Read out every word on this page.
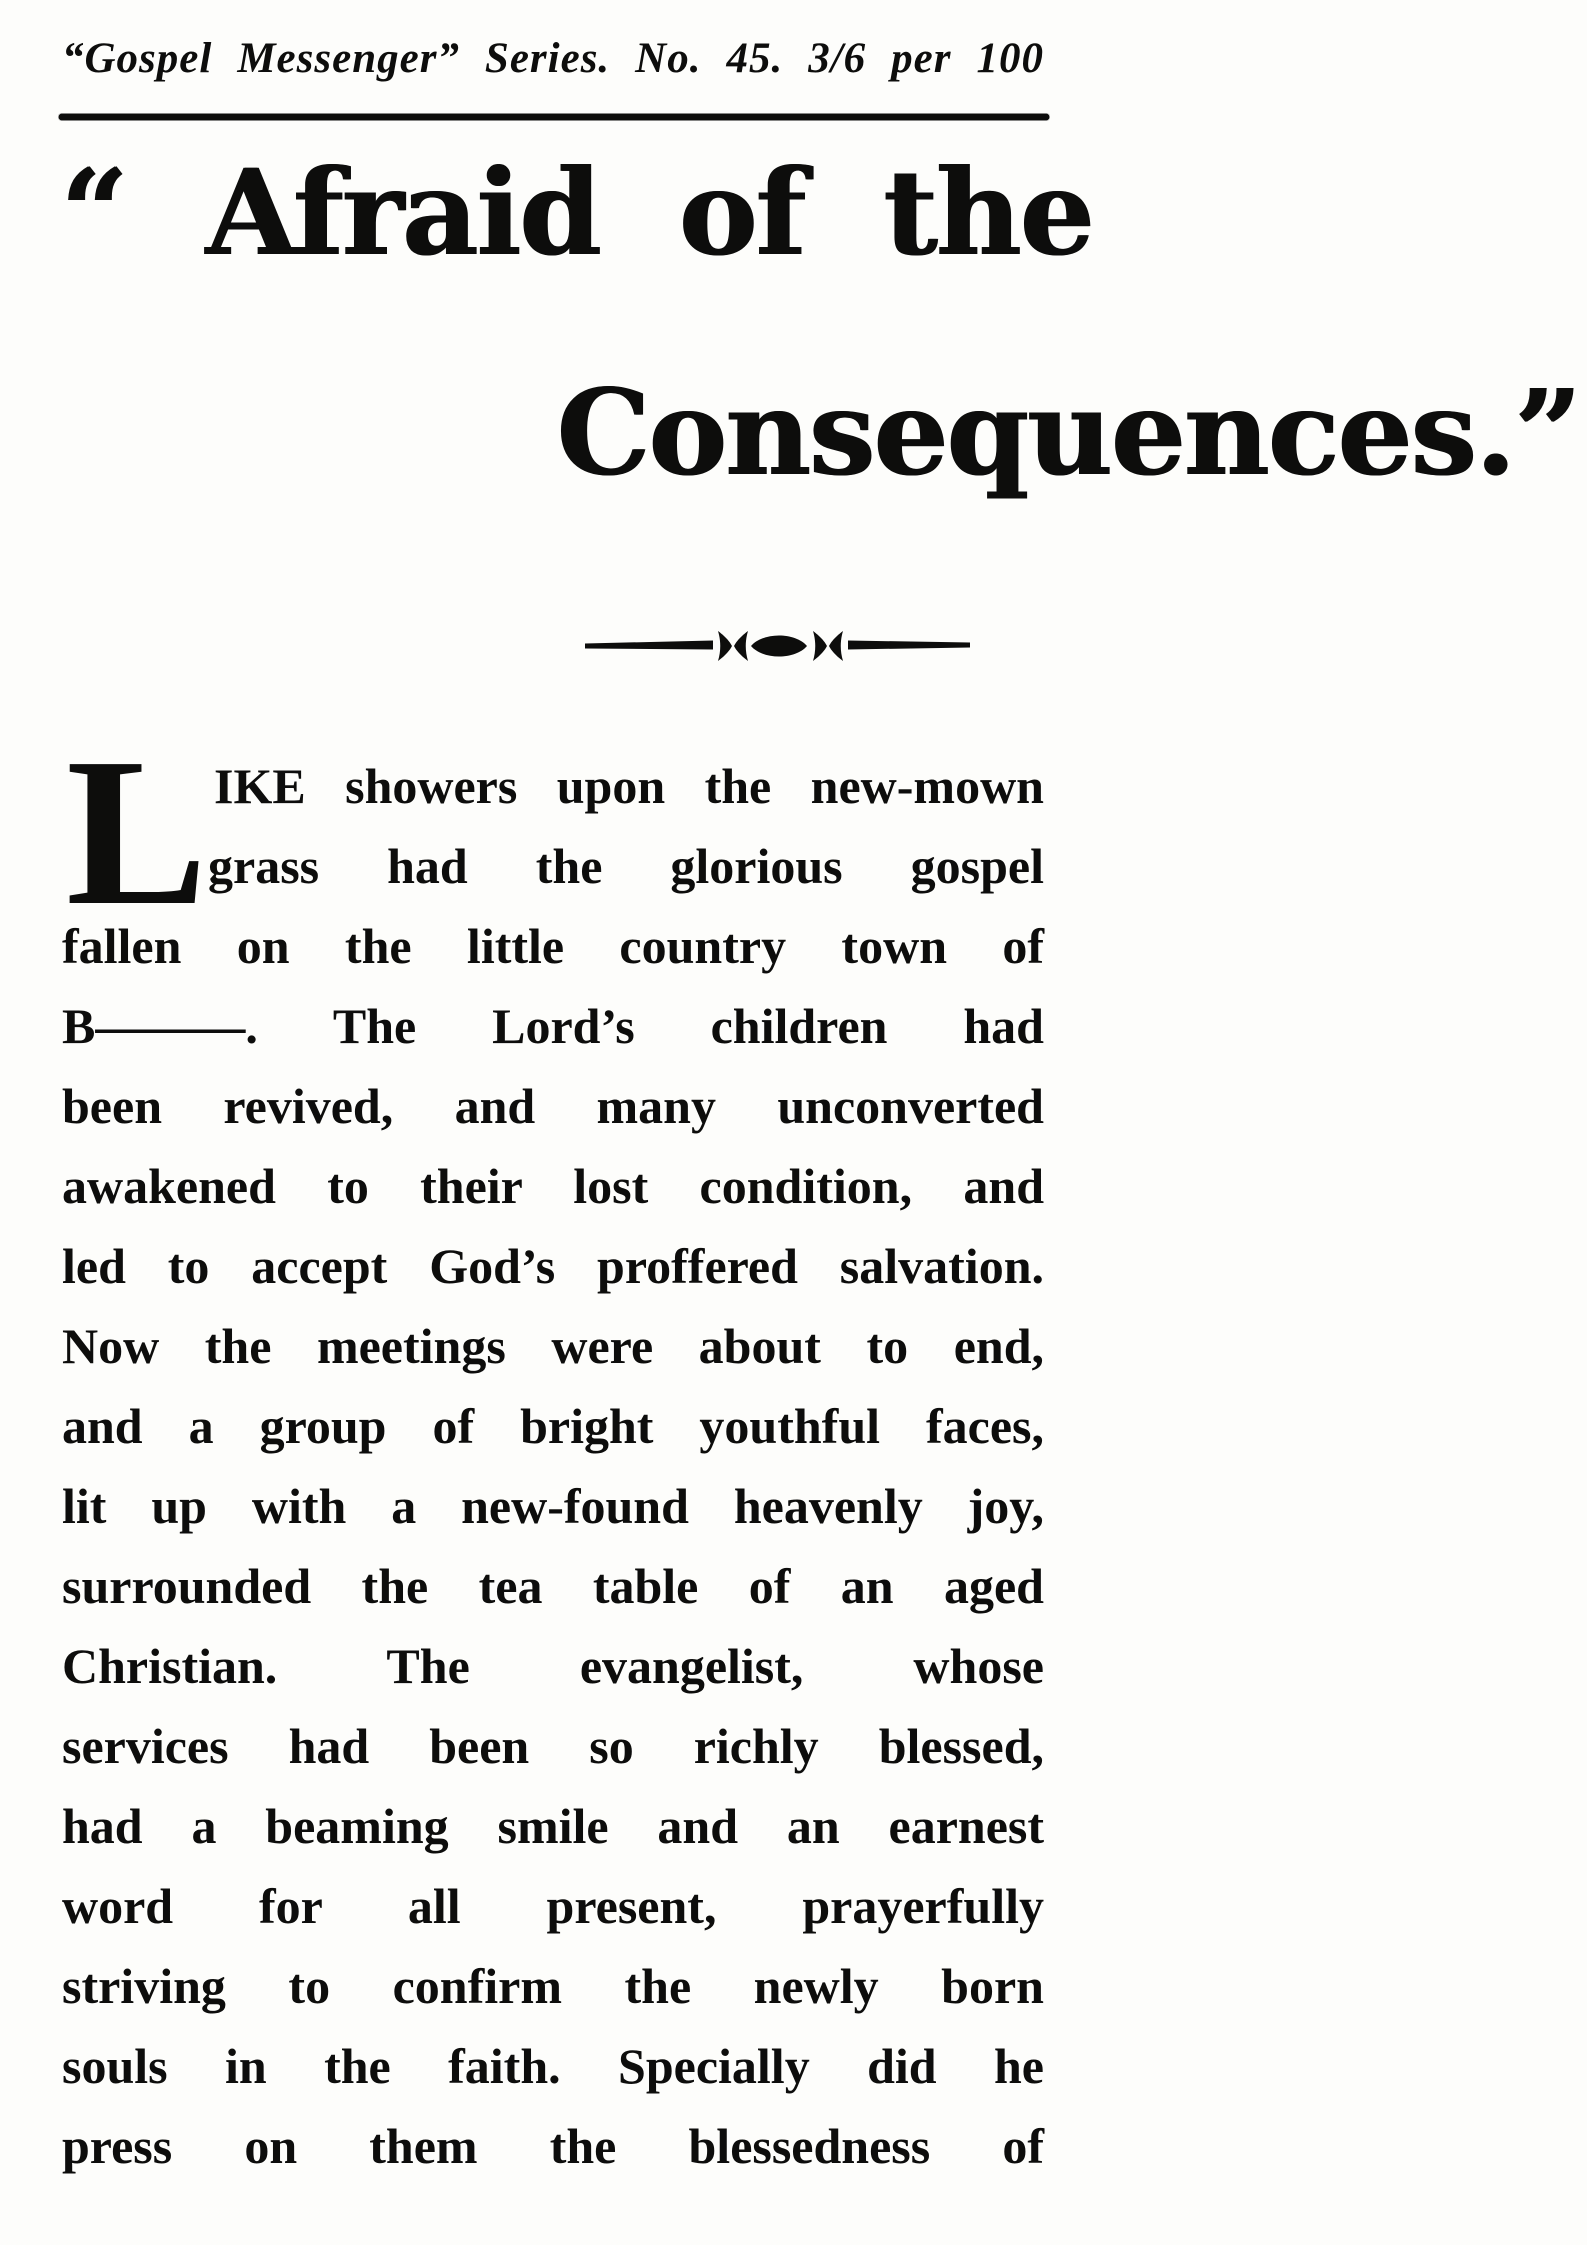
“Gospel Messenger” Series. No. 45. 3/6 per 100
“ Afraid of the
Consequences.”
L IKE showers upon the new-mown
grass had the glorious gospel
fallen on the little country town of
B———. The Lord’s children had
been revived, and many unconverted
awakened to their lost condition, and
led to accept God’s proffered salvation.
Now the meetings were about to end,
and a group of bright youthful faces,
lit up with a new-found heavenly joy,
surrounded the tea table of an aged
Christian. The evangelist, whose
services had been so richly blessed,
had a beaming smile and an earnest
word for all present, prayerfully
striving to confirm the newly born
souls in the faith. Specially did he
press on them the blessedness of
